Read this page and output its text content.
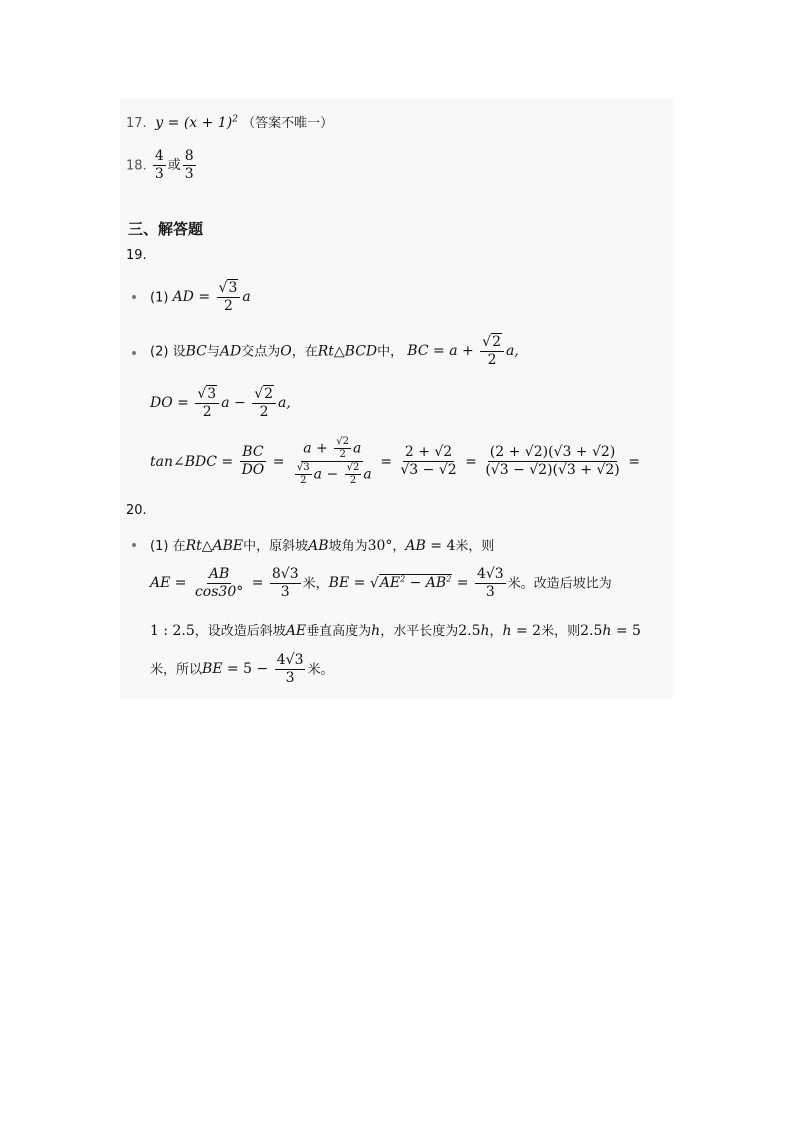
17.  $y = (x + 1)^2$ （答案不唯一）
18. $\frac{4}{3}$ 或 $\frac{8}{3}$
三、解答题
19.
(1) AD = $\frac{√3}{2}$ a
(2) 设BC与AD交点为O，在Rt△BCD中， BC = $a + \frac{√2}{2} a$,
DO = $\frac{√3}{2}$ $a - \frac{√2}{2} a$,
tan∠BDC = $\frac{BC}{DO} = \frac{a + \frac{√2}{2} a}{\frac{√3}{2} a - \frac{√2}{2} a} = \frac{2 + √2}{√3 - √2} = \frac{(2 + √2)(√3 + √2)}{(√3 - √2)(√3 + √2)}$ =
20.
(1) 在Rt△ABE中，原斜坡AB坡角为30°，AB = 4米，则
AE = $\frac{AB}{\cos 30^\circ} = \frac{8√3}{3}$ 米，BE = $√AE^2 - AB^2 = \frac{4√3}{3}$ 米。改造后坡比为
1 : 2.5，设改造后斜坡AE垂直高度为h，水平长度为2.5h，h = 2米，则2.5h = 5
米，所以BE = $5 - \frac{4√3}{3}$ 米。
